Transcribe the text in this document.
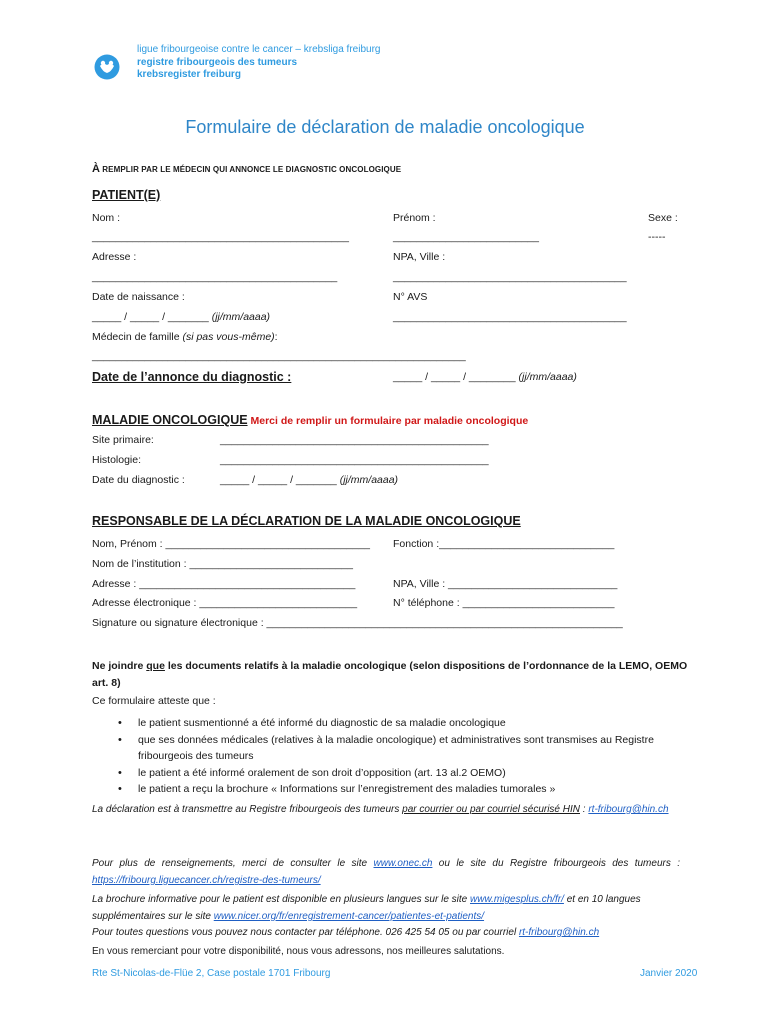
ligue fribourgeoise contre le cancer – krebsliga freiburg
registre fribourgeois des tumeurs
krebsregister freiburg
Formulaire de déclaration de maladie oncologique
À REMPLIR PAR LE MÉDECIN QUI ANNONCE LE DIAGNOSTIC ONCOLOGIQUE
PATIENT(E)
Nom :	Prénom :	Sexe :
____________________________________________	_________________________	-----
Adresse :	NPA, Ville :
__________________________________________	________________________________________
Date de naissance :	N° AVS
_____ / _____ / _______ (jj/mm/aaaa)	________________________________________
Médecin de famille (si pas vous-même):
________________________________________________________________
Date de l’annonce du diagnostic :	_____ / _____ / ________ (jj/mm/aaaa)
MALADIE ONCOLOGIQUE Merci de remplir un formulaire par maladie oncologique
Site primaire:	______________________________________________
Histologie:	______________________________________________
Date du diagnostic :	_____ / _____ / _______ (jj/mm/aaaa)
RESPONSABLE DE LA DÉCLARATION DE LA MALADIE ONCOLOGIQUE
Nom, Prénom : ___________________________________ Fonction :______________________________
Nom de l’institution : ____________________________
Adresse : _____________________________________	NPA, Ville : _____________________________
Adresse électronique : ___________________________	N° téléphone : __________________________
Signature ou signature électronique : _____________________________________________________________
Ne joindre que les documents relatifs à la maladie oncologique (selon dispositions de l’ordonnance de la LEMO, OEMO art. 8)
Ce formulaire atteste que :
• le patient susmentionné a été informé du diagnostic de sa maladie oncologique
• que ses données médicales (relatives à la maladie oncologique) et administratives sont transmises au Registre fribourgeois des tumeurs
• le patient a été informé oralement de son droit d’opposition (art. 13 al.2 OEMO)
• le patient a reçu la brochure « Informations sur l’enregistrement des maladies tumorales »
La déclaration est à transmettre au Registre fribourgeois des tumeurs par courrier ou par courriel sécurisé HIN : rt-fribourg@hin.ch
Pour plus de renseignements, merci de consulter le site www.onec.ch ou le site du Registre fribourgeois des tumeurs : https://fribourg.liguecancer.ch/registre-des-tumeurs/
La brochure informative pour le patient est disponible en plusieurs langues sur le site www.migesplus.ch/fr/ et en 10 langues supplémentaires sur le site www.nicer.org/fr/enregistrement-cancer/patientes-et-patients/
Pour toutes questions vous pouvez nous contacter par téléphone. 026 425 54 05 ou par courriel rt-fribourg@hin.ch
En vous remerciant pour votre disponibilité, nous vous adressons, nos meilleures salutations.
Rte St-Nicolas-de-Flüe 2, Case postale 1701 Fribourg	Janvier 2020
